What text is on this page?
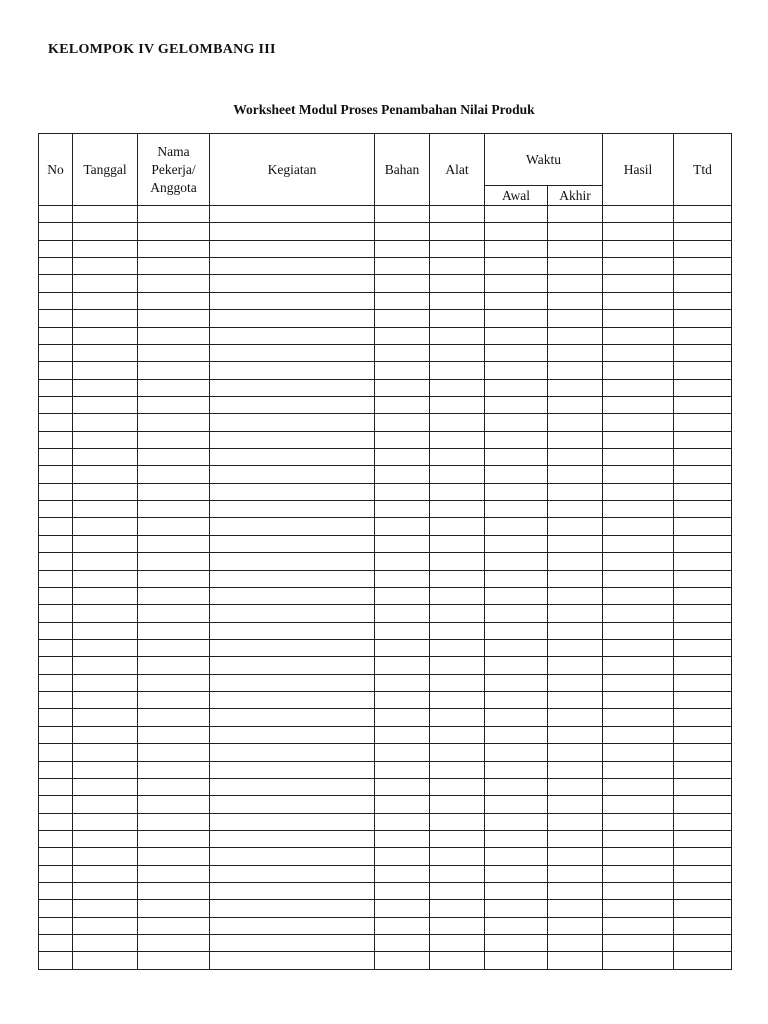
KELOMPOK IV GELOMBANG III
Worksheet Modul Proses Penambahan Nilai Produk
No	Tanggal	Nama
Pekerja/
Anggota	Kegiatan	Bahan	Alat	Waktu		Hasil	Ttd
						Awal	Akhir		
